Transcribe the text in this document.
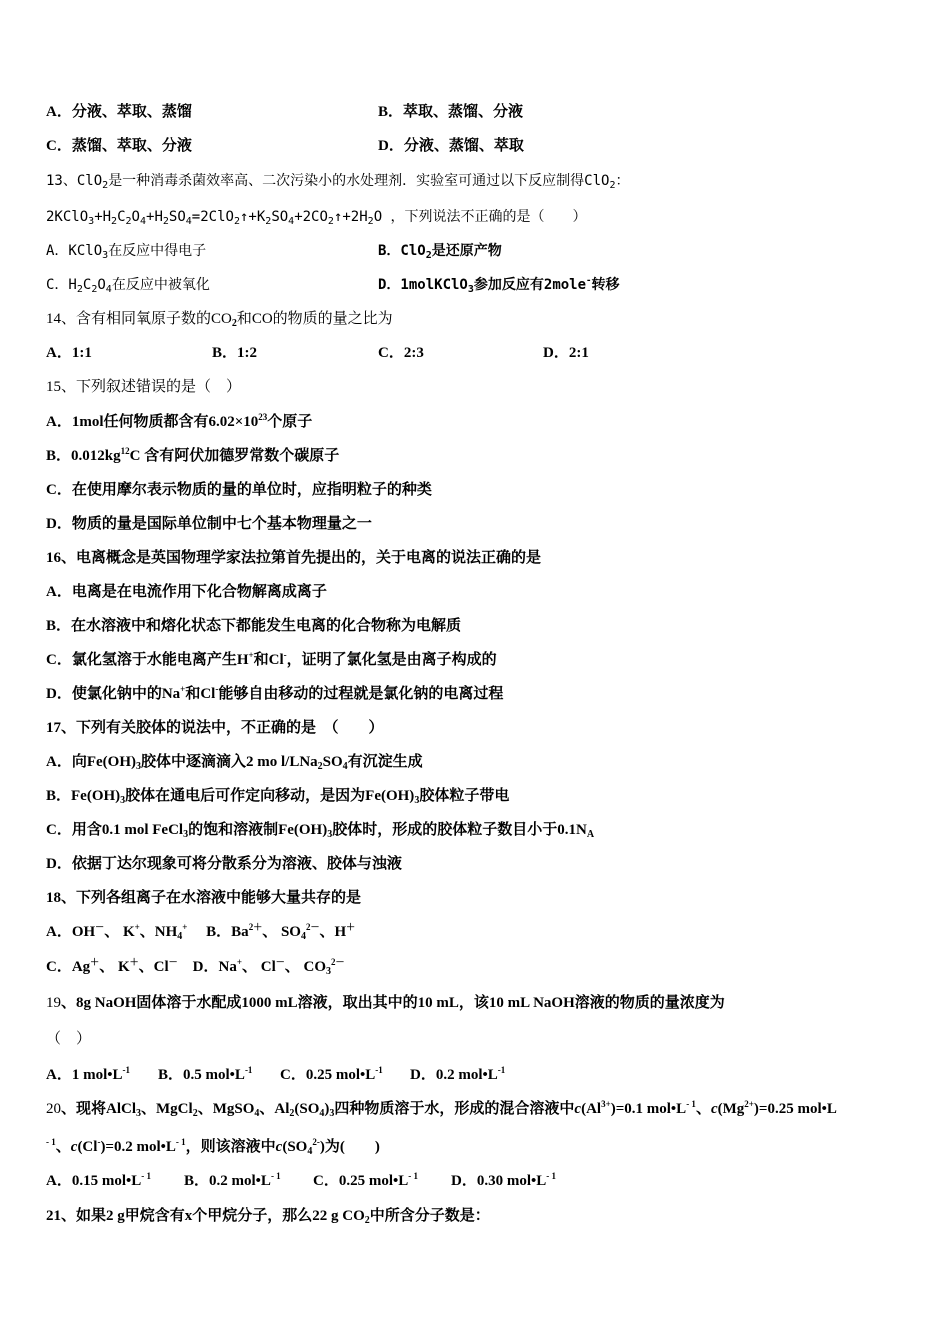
A．分液、萃取、蒸馏	B．萃取、蒸馏、分液
C．蒸馏、萃取、分液	D．分液、蒸馏、萃取
13、ClO$_2$是一种消毒杀菌效率高、二次污染小的水处理剂．实验室可通过以下反应制得ClO$_2$：
$2KClO_3+H_2C_2O_4+H_2SO_4=2ClO_2↑+K_2SO_4+2CO_2↑+2H_2O$ ，下列说法不正确的是（　　）
A．KClO$_3$在反应中得电子	B．ClO$_2$是还原产物
C．$H_2C_2O_4$在反应中被氧化	D．1molKClO$_3$参加反应有2mole-转移
14、含有相同氧原子数的$CO_2$和CO的物质的量之比为
A．1:1	B．1:2	C．2:3	D．2:1
15、下列叙述错误的是（　）
A．1mol任何物质都含有$6.02\times 10^{23}$个原子
B．$0.012kg^{12}C$ 含有阿伏加德罗常数个碳原子
C．在使用摩尔表示物质的量的单位时，应指明粒子的种类
D．物质的量是国际单位制中七个基本物理量之一
16、电离概念是英国物理学家法拉第首先提出的，关于电离的说法正确的是
A．电离是在电流作用下化合物解离成离子
B．在水溶液中和熔化状态下都能发生电离的化合物称为电解质
C．氯化氢溶于水能电离产生H+和Cl-，证明了氯化氢是由离子构成的
D．使氯化钠中的Na+和Cl-能够自由移动的过程就是氯化钠的电离过程
17、下列有关胶体的说法中，不正确的是　（　　）
A．向$Fe(OH)_3$胶体中逐滴滴入2 mo $l/LNa_2SO_4$有沉淀生成
B．$Fe(OH)_3$胶体在通电后可作定向移动，是因为$Fe(OH)_3$胶体粒子带电
C．用含0.1 mol FeCl$_3$的饱和溶液制$Fe(OH)_3$胶体时，形成的胶体粒子数目小于$0.1N_A$
D．依据丁达尔现象可将分散系分为溶液、胶体与浊液
18、下列各组离子在水溶液中能够大量共存的是
A．OH－、 K+、$NH_4^+$　 B．$Ba^{2+}$、 $SO_4^{2-}$、H＋
C．Ag＋、 K＋、Cl－　 D．Na+、 Cl－、 $CO_3^{2-}$
19、8g NaOH固体溶于水配成1000 mL溶液，取出其中的10 mL，该10 mL NaOH溶液的物质的量浓度为
（　）
A．1 $mol•L^{-1}$ B．0.5 $mol•L^{-1}$ C．0.25 $mol•L^{-1}$ D．0.2 $mol•L^{-1}$
20、现将AlCl$_3$、MgCl$_2$、MgSO$_4$、$Al_2(SO_4)_3$四种物质溶于水，形成的混合溶液中$c(Al^{3+})=0.1$ $mol•L^{- 1}$、$c(Mg^{2+})=0.25$ mol•L
$^{- 1}$、c(Cl-)=0.2 $mol•L^{- 1}$，则该溶液中$c(SO_4^{2-})$为(　　)
A．0.15 $mol•L^{- 1}$ B．0.2 $mol•L^{- 1}$ C．0.25 $mol•L^{- 1}$ D．0.30 $mol•L^{- 1}$
21、如果2 g甲烷含有x个甲烷分子，那么22 g $CO_2$中所含分子数是：
